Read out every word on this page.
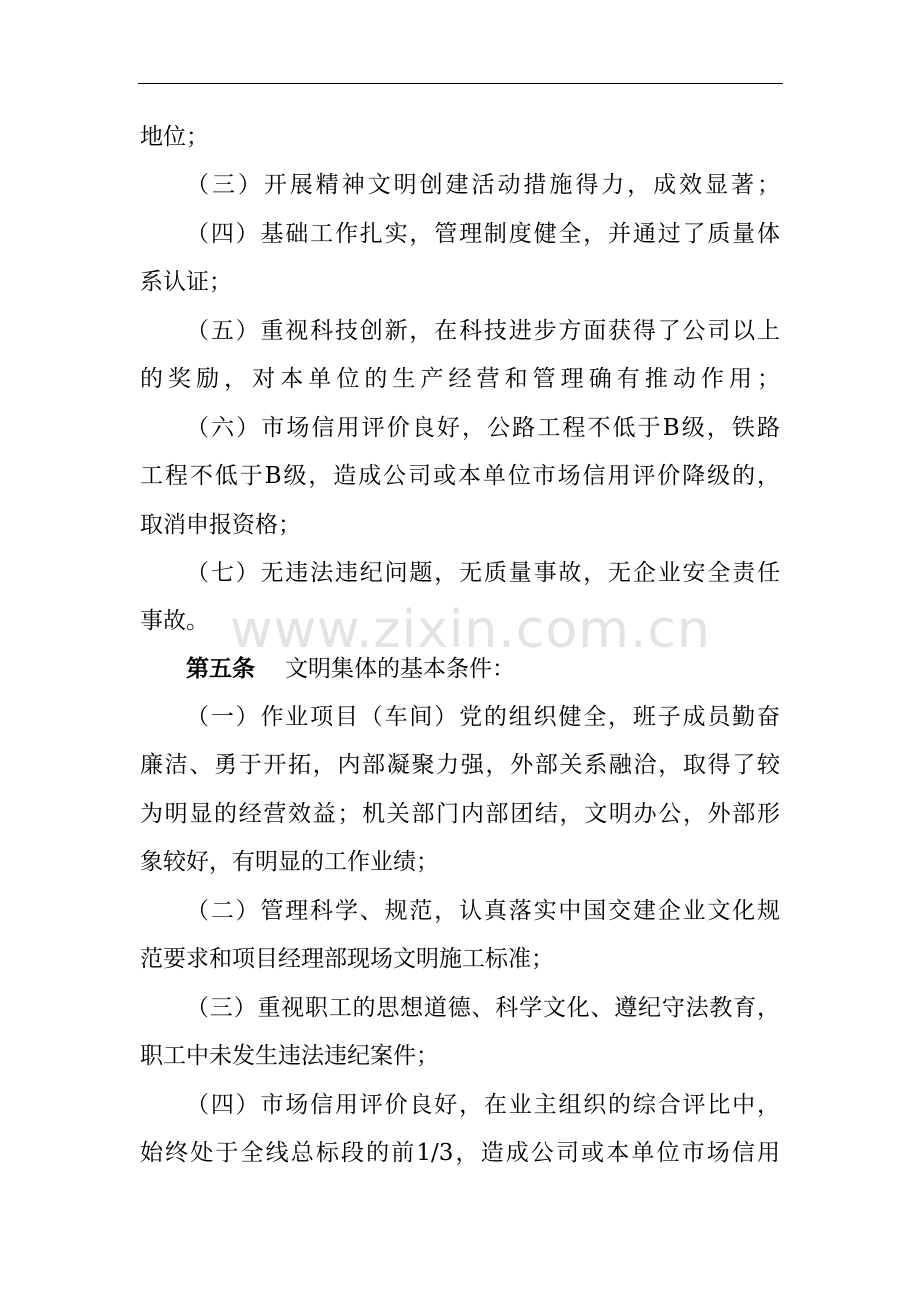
www.zixin.com.cn
地位；
（三）开展精神文明创建活动措施得力，成效显著；
（四）基础工作扎实，管理制度健全，并通过了质量体
系认证；
（五）重视科技创新，在科技进步方面获得了公司以上
的奖励，对本单位的生产经营和管理确有推动作用；
（六）市场信用评价良好，公路工程不低于B级，铁路
工程不低于B级，造成公司或本单位市场信用评价降级的，
取消申报资格；
（七）无违法违纪问题，无质量事故，无企业安全责任
事故。
第五条 文明集体的基本条件：
（一）作业项目（车间）党的组织健全，班子成员勤奋
廉洁、勇于开拓，内部凝聚力强，外部关系融洽，取得了较
为明显的经营效益；机关部门内部团结，文明办公，外部形
象较好，有明显的工作业绩；
（二）管理科学、规范，认真落实中国交建企业文化规
范要求和项目经理部现场文明施工标准；
（三）重视职工的思想道德、科学文化、遵纪守法教育，
职工中未发生违法违纪案件；
（四）市场信用评价良好，在业主组织的综合评比中，
始终处于全线总标段的前1/3，造成公司或本单位市场信用
